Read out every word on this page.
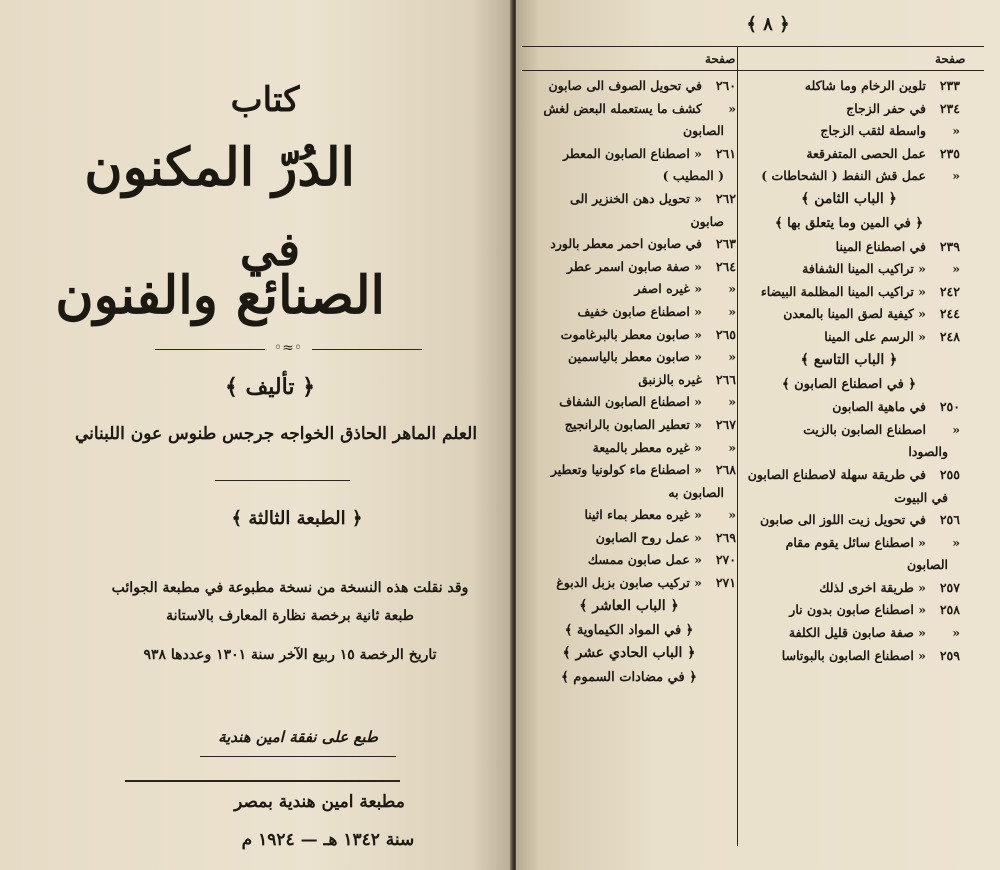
كتاب
الدُرّ المكنون
في
الصنائع والفنون
◦≈◦
﴿ تأليف ﴾
العلم الماهر الحاذق الخواجه جرجس طنوس عون اللبناني
﴿ الطبعة الثالثة ﴾
وقد نقلت هذه النسخة من نسخة مطبوعة في مطبعة الجوائب
طبعة ثانية برخصة نظارة المعارف بالاستانة
تاريخ الرخصة ١٥ ربيع الآخر سنة ١٣٠١ وعددها ٩٣٨
طبع على نفقة امين هندية
مطبعة امين هندية بمصر
سنة ١٣٤٢ هـ — ١٩٢٤ م
﴿ ٨ ﴾
صفحة
صفحة
٢٣٣
تلوين الرخام وما شاكله
٢٣٤
في حفر الزجاج
«
واسطة لثقب الزجاج
٢٣٥
عمل الحصى المتفرقعة
«
عمل قش النفط ( الشحاطات )
﴿ الباب الثامن ﴾
﴿ في المين وما يتعلق بها ﴾
٢٣٩
في اصطناع المينا
«
« تراكيب المينا الشفافة
٢٤٢
« تراكيب المينا المظلمة البيضاء
٢٤٤
« كيفية لصق المينا بالمعدن
٢٤٨
« الرسم على المينا
﴿ الباب التاسع ﴾
﴿ في اصطناع الصابون ﴾
٢٥٠
في ماهية الصابون
«
اصطناع الصابون بالزيت
والصودا
٢٥٥
في طريقة سهلة لاصطناع الصابون
في البيوت
٢٥٦
في تحويل زيت اللوز الى صابون
«
« اصطناع سائل يقوم مقام
الصابون
٢٥٧
« طريقة اخرى لذلك
٢٥٨
« اصطناع صابون بدون نار
«
« صفة صابون قليل الكلفة
٢٥٩
« اصطناع الصابون بالبوتاسا
٢٦٠
في تحويل الصوف الى صابون
«
كشف ما يستعمله البعض لغش
الصابون
٢٦١
« اصطناع الصابون المعطر
( المطيب )
٢٦٢
« تحويل دهن الخنزير الى
صابون
٢٦٣
في صابون احمر معطر بالورد
٢٦٤
« صفة صابون اسمر عطر
«
« غيره اصفر
«
« اصطناع صابون خفيف
٢٦٥
« صابون معطر بالبرغاموت
«
« صابون معطر بالياسمين
٢٦٦
غيره بالزنبق
«
« اصطناع الصابون الشفاف
٢٦٧
« تعطير الصابون بالرانجيج
«
« غيره معطر بالميعة
٢٦٨
« اصطناع ماء كولونيا وتعطير
الصابون به
«
« غيره معطر بماء اثينا
٢٦٩
« عمل روح الصابون
٢٧٠
« عمل صابون ممسك
٢٧١
« تركيب صابون بزبل الدبوغ
﴿ الباب العاشر ﴾
﴿ في المواد الكيماوية ﴾
﴿ الباب الحادي عشر ﴾
﴿ في مضادات السموم ﴾
